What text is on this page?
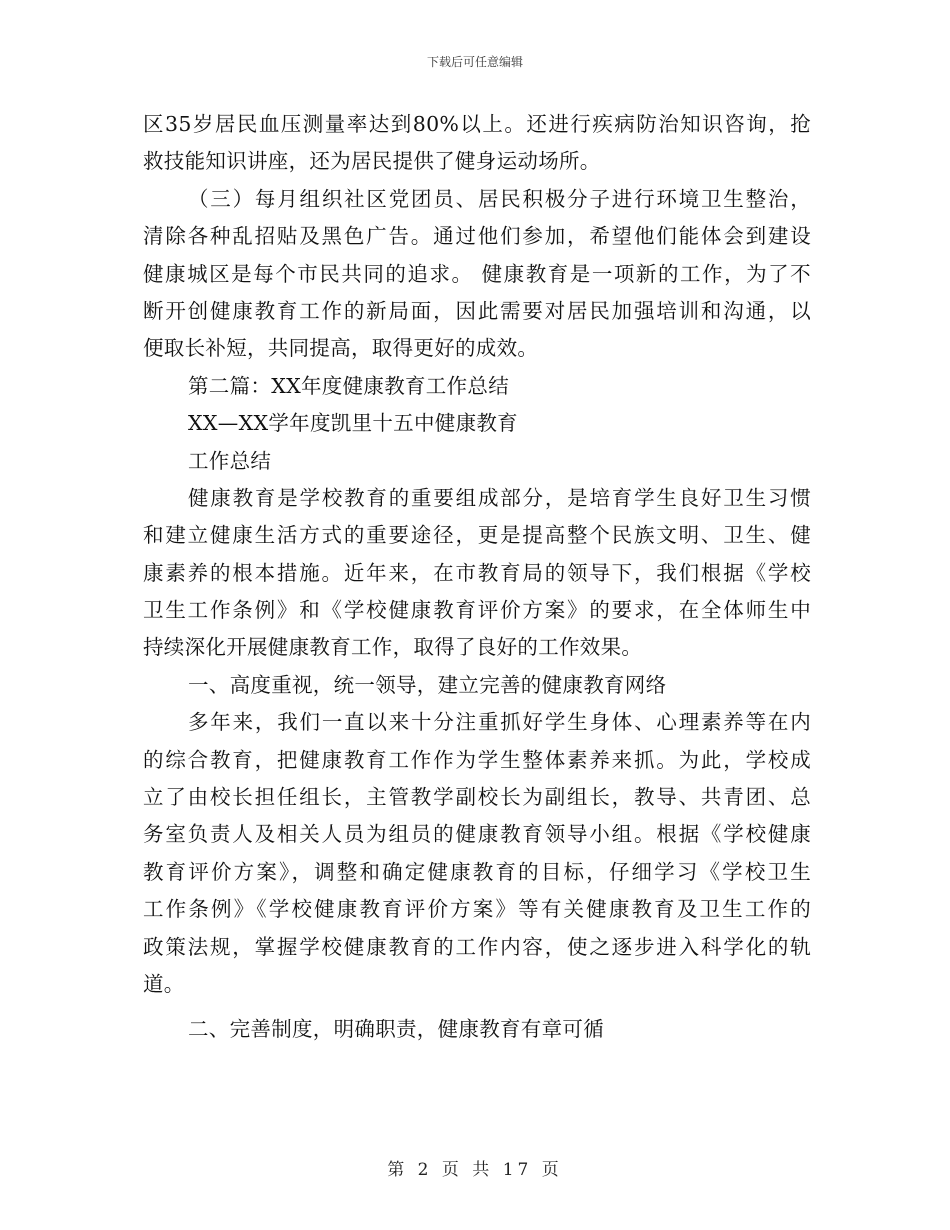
下载后可任意编辑
区35岁居民血压测量率达到80%以上。还进行疾病防治知识咨询，抢
救技能知识讲座，还为居民提供了健身运动场所。
（三）每月组织社区党团员、居民积极分子进行环境卫生整治，
清除各种乱招贴及黑色广告。通过他们参加，希望他们能体会到建设
健康城区是每个市民共同的追求。 健康教育是一项新的工作，为了不
断开创健康教育工作的新局面，因此需要对居民加强培训和沟通，以
便取长补短，共同提高，取得更好的成效。
第二篇：XX年度健康教育工作总结
XX—XX学年度凯里十五中健康教育
工作总结
健康教育是学校教育的重要组成部分，是培育学生良好卫生习惯
和建立健康生活方式的重要途径，更是提高整个民族文明、卫生、健
康素养的根本措施。近年来，在市教育局的领导下，我们根据《学校
卫生工作条例》和《学校健康教育评价方案》的要求，在全体师生中
持续深化开展健康教育工作，取得了良好的工作效果。
一、高度重视，统一领导，建立完善的健康教育网络
多年来，我们一直以来十分注重抓好学生身体、心理素养等在内
的综合教育，把健康教育工作作为学生整体素养来抓。为此，学校成
立了由校长担任组长，主管教学副校长为副组长，教导、共青团、总
务室负责人及相关人员为组员的健康教育领导小组。根据《学校健康
教育评价方案》，调整和确定健康教育的目标，仔细学习《学校卫生
工作条例》《学校健康教育评价方案》等有关健康教育及卫生工作的
政策法规，掌握学校健康教育的工作内容，使之逐步进入科学化的轨
道。
二、完善制度，明确职责，健康教育有章可循
第 2 页 共 17 页
